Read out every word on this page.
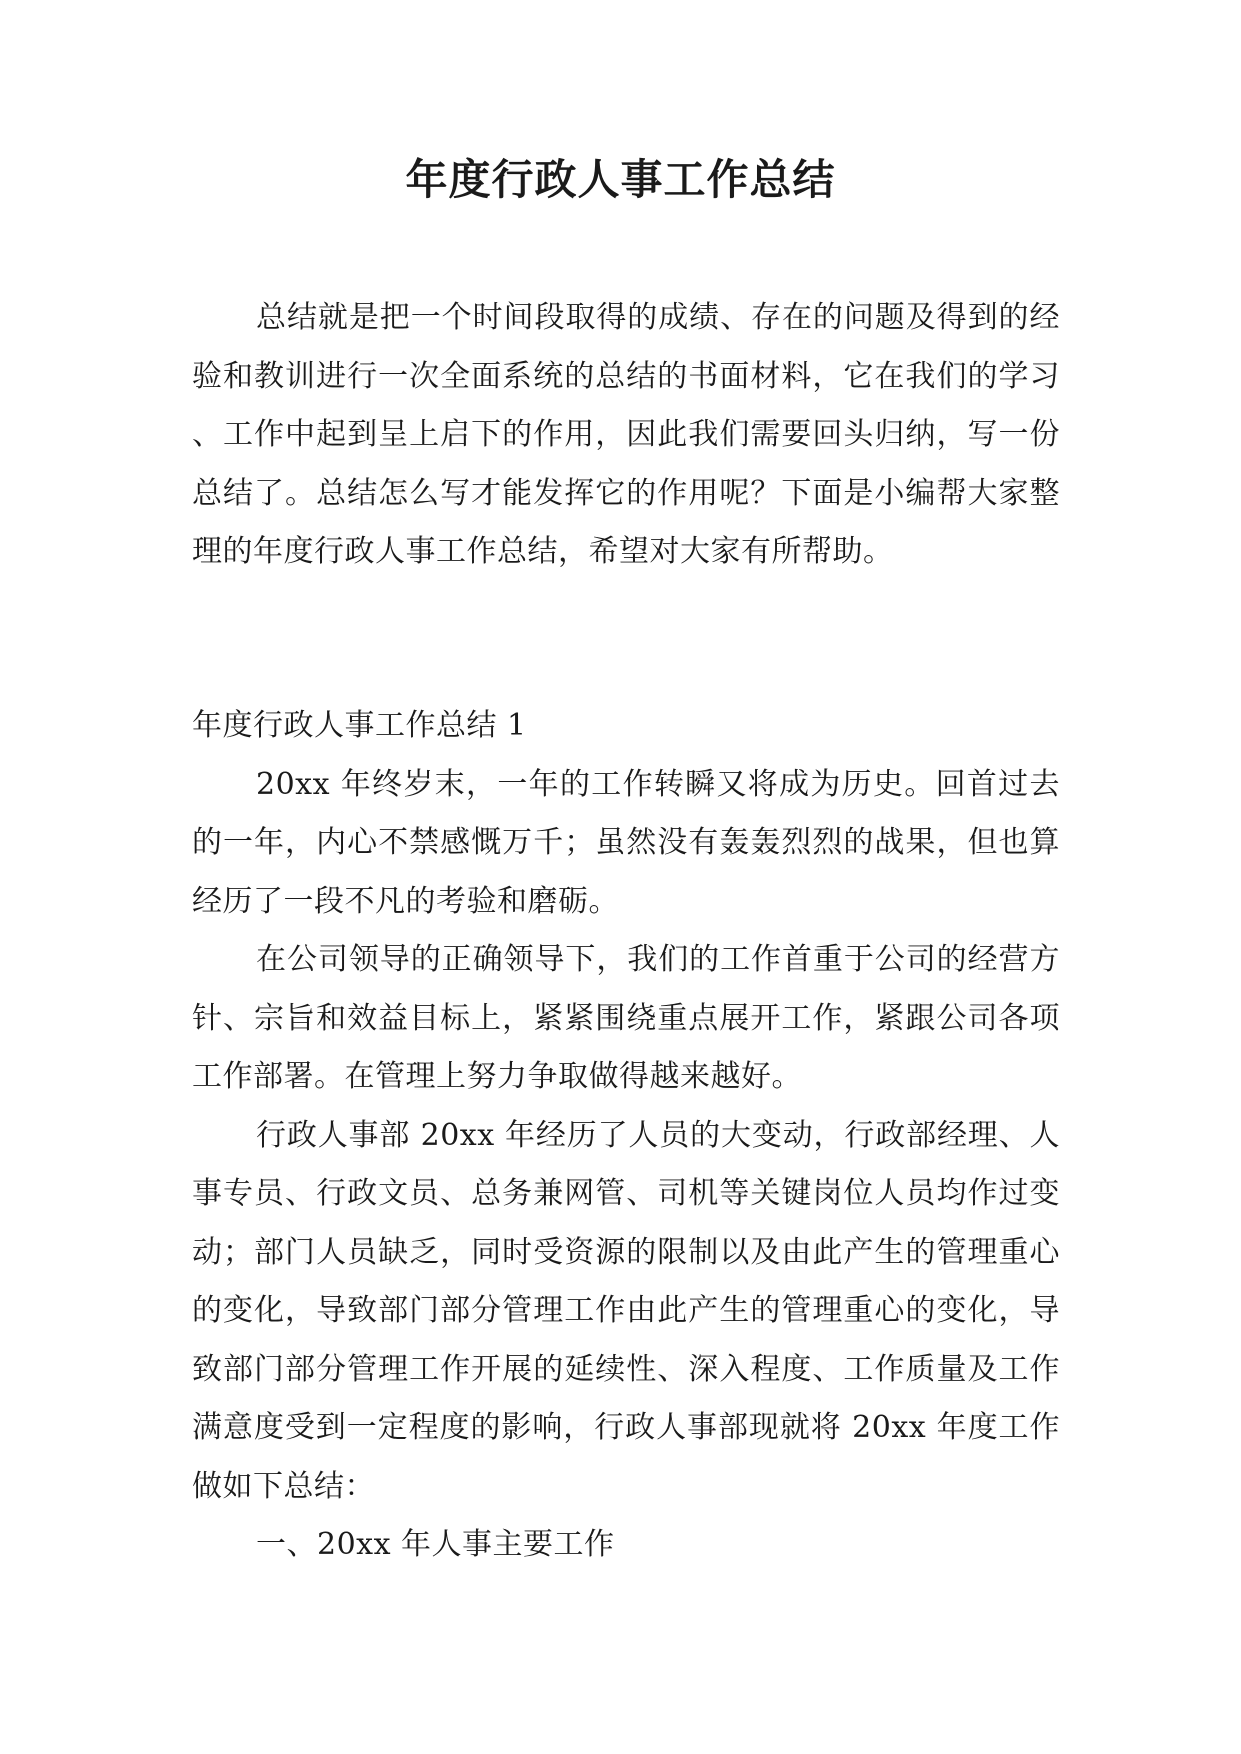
年度行政人事工作总结

总结就是把一个时间段取得的成绩、存在的问题及得到的经验和教训进行一次全面系统的总结的书面材料，它在我们的学习、工作中起到呈上启下的作用，因此我们需要回头归纳，写一份总结了。总结怎么写才能发挥它的作用呢？下面是小编帮大家整理的年度行政人事工作总结，希望对大家有所帮助。

年度行政人事工作总结 1

20xx 年终岁末，一年的工作转瞬又将成为历史。回首过去的一年，内心不禁感慨万千；虽然没有轰轰烈烈的战果，但也算经历了一段不凡的考验和磨砺。

在公司领导的正确领导下，我们的工作首重于公司的经营方针、宗旨和效益目标上，紧紧围绕重点展开工作，紧跟公司各项工作部署。在管理上努力争取做得越来越好。

行政人事部 20xx 年经历了人员的大变动，行政部经理、人事专员、行政文员、总务兼网管、司机等关键岗位人员均作过变动；部门人员缺乏，同时受资源的限制以及由此产生的管理重心的变化，导致部门部分管理工作由此产生的管理重心的变化，导致部门部分管理工作开展的延续性、深入程度、工作质量及工作满意度受到一定程度的影响，行政人事部现就将 20xx 年度工作做如下总结：

一、20xx 年人事主要工作
